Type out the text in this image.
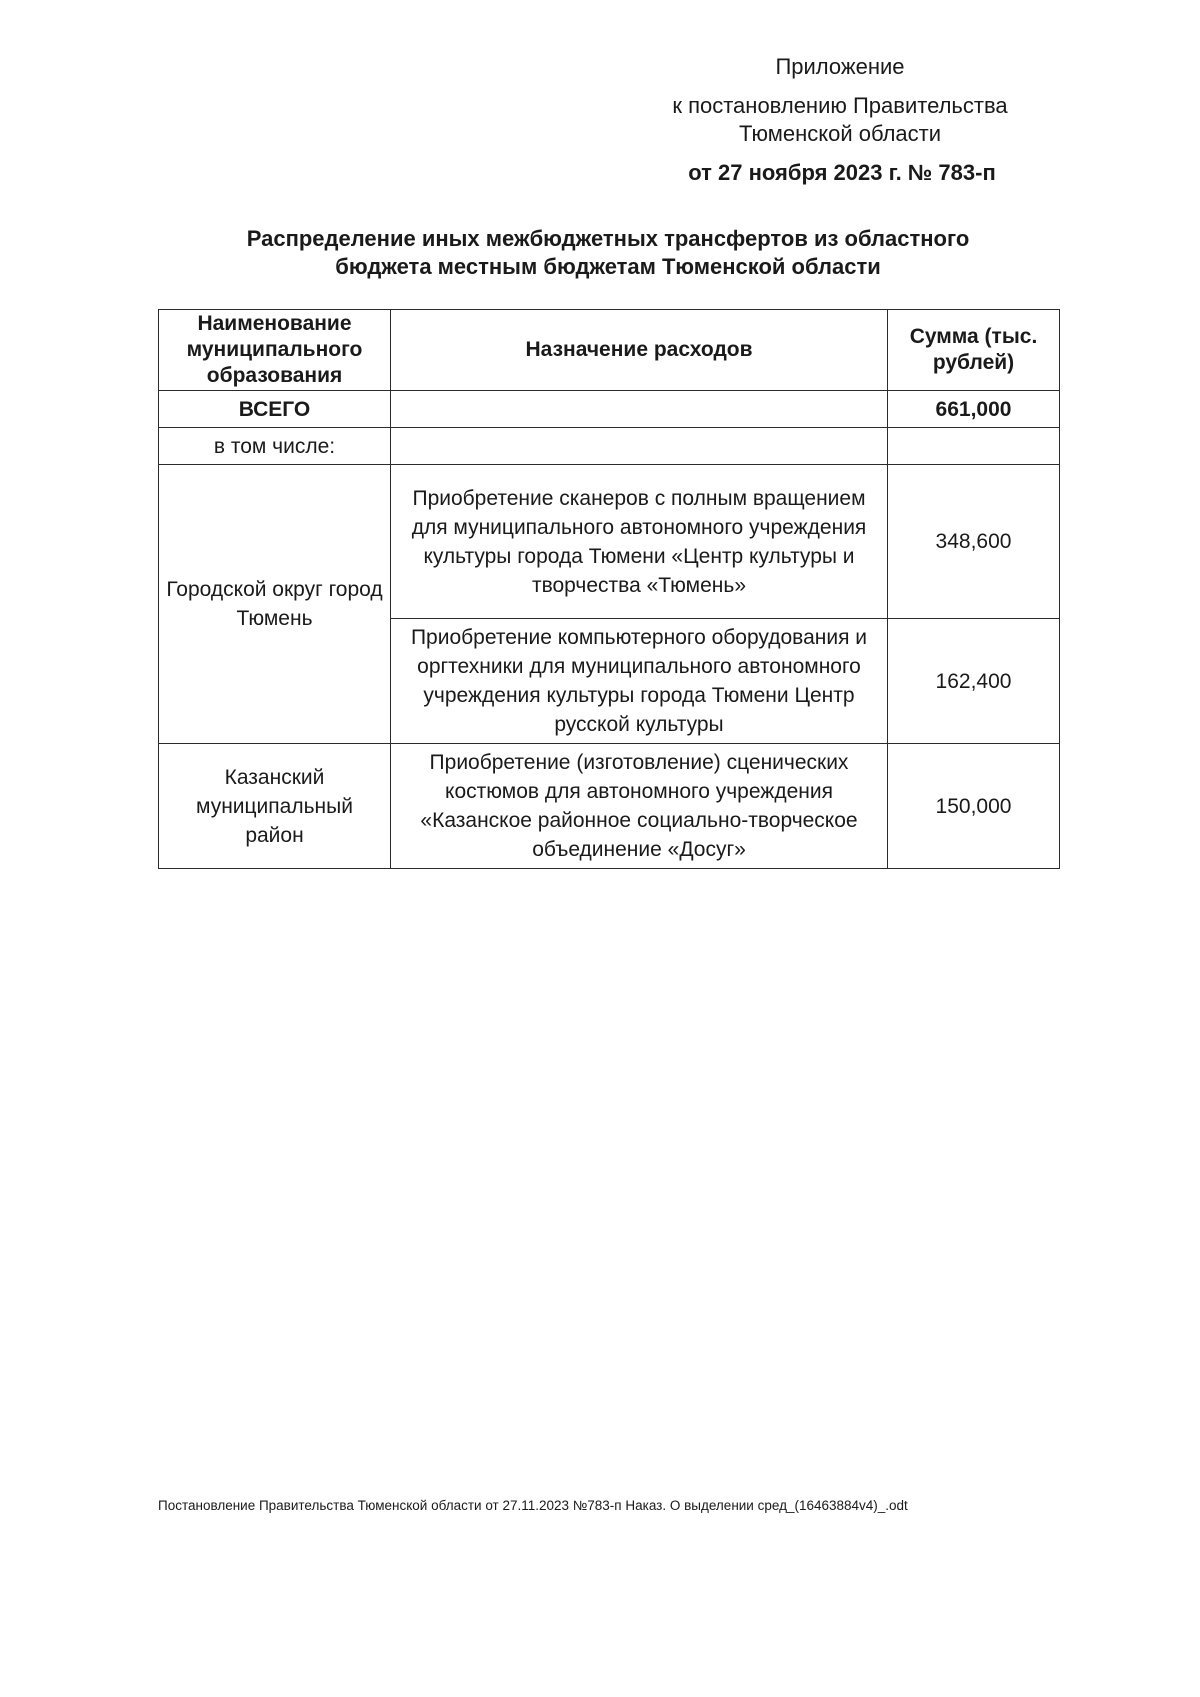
Приложение
к постановлению Правительства
Тюменской области
от 27 ноября 2023 г. № 783-п
Распределение иных межбюджетных трансфертов из областного
бюджета местным бюджетам Тюменской области
Наименование муниципального образования	Назначение расходов	Сумма (тыс. рублей)
ВСЕГО		661,000
в том числе:		
Городской округ город Тюмень	Приобретение сканеров с полным вращением для муниципального автономного учреждения культуры города Тюмени «Центр культуры и творчества «Тюмень»	348,600
	Приобретение компьютерного оборудования и оргтехники для муниципального автономного учреждения культуры города Тюмени Центр русской культуры	162,400
Казанский муниципальный район	Приобретение (изготовление) сценических костюмов для автономного учреждения «Казанское районное социально-творческое объединение «Досуг»	150,000
Постановление Правительства Тюменской области от 27.11.2023 №783-п Наказ. О выделении сред_(16463884v4)_.odt
